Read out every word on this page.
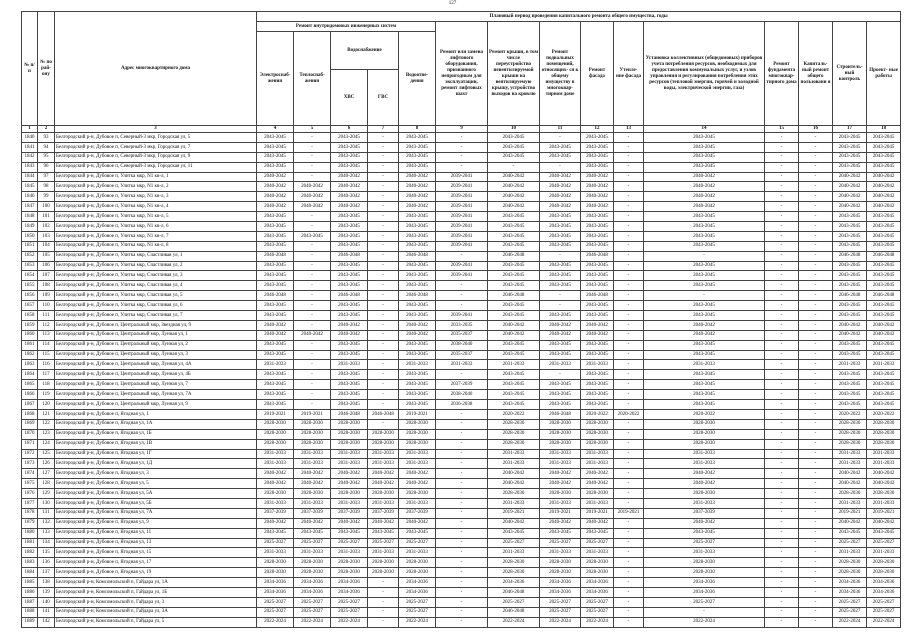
127
№ п/п	№ по рай- ону	Адрес многоквартирного дома	Плановый период проведения капитального ремонта общего имущества, годы														
			Ремонт внутридомовых инженерных систем					Ремонт или замена лифтового оборудования, признанного непригодным для эксплуатации, ремонт лифтовых шахт	Ремонт крыши, в том числе переустройство невентилируемой крыши на вентилируемую крышу, устройство выходов на кровлю	Ремонт подвальных помещений, относящих- ся к общему имуществу в многоквар- тирном доме	Ремонт фасада	Утепле- ние фасада	Установка коллективных (общедомовых) приборов учета потребления ресурсов, необходимых для предоставления коммунальных услуг, и узлов управления и регулирования потребления этих ресурсов (тепловой энергии, горячей и холодной воды, электрической энергии, газа)	Ремонт фундамента многоквар- тирного дома	Капиталь- ный ремонт общего пользовани я	Строитель- ный контроль	Проект- ные работы
			Электроснаб- жения	Теплоснаб- жения	Водоснабжение		Водоотве- дения										
					ХВС	ГВС											
1	2	3	4	5	6	7	8	9	10	11	12	13	14	15	16	17	18
1840	93	Белгородский р-н, Дубовое п, Северный-3 мкр, Городская ул, 5	2043-2045	-	2043-2045	-	2043-2045	-	2043-2045	-	2043-2045	-	2043-2045	-	-	2043-2045	2043-2045
1841	94	Белгородский р-н, Дубовое п, Северный-3 мкр, Городская ул, 7	2043-2045	-	2043-2045	-	2043-2045	-	2043-2045	2043-2045	2043-2045	-	2043-2045	-	-	2043-2045	2043-2045
1842	95	Белгородский р-н, Дубовое п, Северный-3 мкр, Городская ул, 9	2043-2045	-	2043-2045	-	2043-2045	-	2043-2045	2043-2045	2043-2045	-	2043-2045	-	-	2043-2045	2043-2045
1843	96	Белгородский р-н, Дубовое п, Северный-3 мкр, Городская ул, 11	2043-2045	-	2043-2045	-	2043-2045	-	-	-	2043-2045	-	2043-2045	-	-	2043-2045	2043-2045
1844	97	Белгородский р-н, Дубовое п, Улитка мкр, N1 кв-л, 1	2040-2042	-	2040-2042	-	2040-2042	2039-2041	2040-2042	2040-2042	2040-2042	-	2040-2042	-	-	2040-2042	2040-2042
1845	98	Белгородский р-н, Дубовое п, Улитка мкр, N1 кв-л, 2	2040-2042	2040-2042	2040-2042	-	2040-2042	2039-2041	2040-2042	2040-2042	2040-2042	-	2040-2042	-	-	2040-2042	2040-2042
1846	99	Белгородский р-н, Дубовое п, Улитка мкр, N1 кв-л, 3	2040-2042	2040-2042	2040-2042	-	2040-2042	2039-2041	2040-2042	2040-2042	2040-2042	-	2040-2042	-	-	2040-2042	2040-2042
1847	100	Белгородский р-н, Дубовое п, Улитка мкр, N1 кв-л, 4	2040-2042	2040-2042	2040-2042	-	2040-2042	2039-2041	2040-2042	2040-2042	2040-2042	-	2040-2042	-	-	2040-2042	2040-2042
1848	101	Белгородский р-н, Дубовое п, Улитка мкр, N1 кв-л, 5	2043-2045	-	2043-2045	-	2043-2045	2039-2041	2043-2045	2043-2045	2043-2045	-	2043-2045	-	-	2043-2045	2043-2045
1849	102	Белгородский р-н, Дубовое п, Улитка мкр, N1 кв-л, 6	2043-2045	-	2043-2045	-	2043-2045	2039-2041	2043-2045	2043-2045	2043-2045	-	2043-2045	-	-	2043-2045	2043-2045
1850	103	Белгородский р-н, Дубовое п, Улитка мкр, N1 кв-л, 7	2043-2045	2043-2045	2043-2045	-	2043-2045	2039-2041	2043-2045	2043-2045	2043-2045	-	2043-2045	-	-	2043-2045	2043-2045
1851	104	Белгородский р-н, Дубовое п, Улитка мкр, N1 кв-л, 8	2043-2045	-	2043-2045	-	2043-2045	2039-2041	2043-2045	2043-2045	2043-2045	-	2043-2045	-	-	2043-2045	2043-2045
1852	105	Белгородский р-н, Дубовое п, Улитка мкр, Счастливая ул, 1	2046-2048	-	2046-2048	-	2046-2048	-	2046-2048	-	2046-2048	-	-	-	-	2046-2048	2046-2048
1853	106	Белгородский р-н, Дубовое п, Улитка мкр, Счастливая ул, 2	2043-2045	-	2043-2045	-	2043-2045	2039-2041	2043-2045	2043-2045	2043-2045	-	2043-2045	-	-	2043-2045	2043-2045
1854	107	Белгородский р-н, Дубовое п, Улитка мкр, Счастливая ул, 3	2043-2045	-	2043-2045	-	2043-2045	2039-2041	2043-2045	2043-2045	2043-2045	-	2043-2045	-	-	2043-2045	2043-2045
1855	108	Белгородский р-н, Дубовое п, Улитка мкр, Счастливая ул, 4	2043-2045	-	2043-2045	-	2043-2045	-	2043-2045	2043-2045	2043-2045	-	2043-2045	-	-	2043-2045	2043-2045
1856	109	Белгородский р-н, Дубовое п, Улитка мкр, Счастливая ул, 5	2046-2048	-	2046-2048	-	2046-2048	-	2046-2048	-	2046-2048	-	-	-	-	2046-2048	2046-2048
1857	110	Белгородский р-н, Дубовое п, Улитка мкр, Счастливая ул, 6	2043-2045	-	2043-2045	-	2043-2045	-	2043-2045	-	2043-2045	-	2043-2045	-	-	2043-2045	2043-2045
1858	111	Белгородский р-н, Дубовое п, Улитка мкр, Счастливая ул, 7	2043-2045	-	2043-2045	-	2043-2045	2039-2041	2043-2045	2043-2045	2043-2045	-	2043-2045	-	-	2043-2045	2043-2045
1859	112	Белгородский р-н, Дубовое п, Центральный мкр, Звездная ул, 9	2040-2042	-	2040-2042	-	2040-2042	2033-2035	2040-2042	2040-2042	2040-2042	-	2040-2042	-	-	2040-2042	2040-2042
1860	113	Белгородский р-н, Дубовое п, Центральный мкр, Лунная ул, 1	2040-2042	2040-2042	2040-2042	-	2040-2042	2035-2037	2040-2042	2040-2042	2040-2042	-	2040-2042	-	-	2040-2042	2040-2042
1861	114	Белгородский р-н, Дубовое п, Центральный мкр, Лунная ул, 2	2043-2045	-	2043-2045	-	2043-2045	2038-2040	2043-2045	2043-2045	2043-2045	-	2043-2045	-	-	2043-2045	2043-2045
1862	115	Белгородский р-н, Дубовое п, Центральный мкр, Лунная ул, 3	2043-2045	-	2043-2045	-	2043-2045	2035-2037	2043-2045	2043-2045	2043-2045	-	2043-2045	-	-	2043-2045	2043-2045
1863	116	Белгородский р-н, Дубовое п, Центральный мкр, Лунная ул, 4А	2031-2033	-	2031-2033	-	2031-2033	2031-2033	2031-2033	2031-2033	2031-2033	-	2031-2033	-	-	2031-2033	2031-2033
1864	117	Белгородский р-н, Дубовое п, Центральный мкр, Лунная ул, 4Б	2043-2045	-	2043-2045	-	2043-2045	-	2043-2045	-	2043-2045	-	2043-2045	-	-	2043-2045	2043-2045
1865	118	Белгородский р-н, Дубовое п, Центральный мкр, Лунная ул, 7	2043-2045	-	2043-2045	-	2043-2045	2037-2039	2043-2045	2043-2045	2043-2045	-	2043-2045	-	-	2043-2045	2043-2045
1866	119	Белгородский р-н, Дубовое п, Центральный мкр, Лунная ул, 7А	2043-2045	-	2043-2045	-	2043-2045	2038-2040	2043-2045	2043-2045	2043-2045	-	2043-2045	-	-	2043-2045	2043-2045
1867	120	Белгородский р-н, Дубовое п, Центральный мкр, Лунная ул, 9	2043-2045	-	2043-2045	-	2043-2045	2036-2038	2043-2045	2043-2045	2043-2045	-	2043-2045	-	-	2043-2045	2043-2045
1868	121	Белгородский р-н, Дубовое п, Ягодная ул, 1	2019-2021	2019-2021	2046-2048	2046-2048	2019-2021	-	2020-2022	2046-2048	2020-2022	2020-2022	2020-2022	-	-	2020-2022	2020-2022
1869	122	Белгородский р-н, Дубовое п, Ягодная ул, 1А	2028-2030	2028-2030	2028-2030	-	2028-2030	-	2028-2030	2028-2030	2028-2030	-	2028-2030	-	-	2028-2030	2028-2030
1870	123	Белгородский р-н, Дубовое п, Ягодная ул, 1Б	2028-2030	2028-2030	2028-2030	2028-2030	2028-2030	-	2028-2030	2028-2030	2028-2030	-	2028-2030	-	-	2028-2030	2028-2030
1871	124	Белгородский р-н, Дубовое п, Ягодная ул, 1В	2028-2030	2028-2030	2028-2030	2028-2030	2028-2030	-	2028-2030	2028-2030	2028-2030	-	2028-2030	-	-	2028-2030	2028-2030
1872	125	Белгородский р-н, Дубовое п, Ягодная ул, 1Г	2031-2033	2031-2033	2031-2033	2031-2033	2031-2033	-	2031-2033	2031-2033	2031-2033	-	2031-2033	-	-	2031-2033	2031-2033
1873	126	Белгородский р-н, Дубовое п, Ягодная ул, 1Д	2031-2033	2031-2033	2031-2033	2031-2033	2031-2033	-	2031-2033	2031-2033	2031-2033	-	2031-2033	-	-	2031-2033	2031-2033
1874	127	Белгородский р-н, Дубовое п, Ягодная ул, 3	2040-2042	2040-2042	2040-2042	2040-2042	2040-2042	-	2040-2042	2040-2042	2040-2042	-	2040-2042	-	-	2040-2042	2040-2042
1875	128	Белгородский р-н, Дубовое п, Ягодная ул, 5	2040-2042	2040-2042	2040-2042	2040-2042	2040-2042	-	2040-2042	2040-2042	2040-2042	-	2040-2042	-	-	2040-2042	2040-2042
1876	129	Белгородский р-н, Дубовое п, Ягодная ул, 5А	2028-2030	2028-2030	2028-2030	2028-2030	2028-2030	-	2028-2030	2028-2030	2028-2030	-	2028-2030	-	-	2028-2030	2028-2030
1877	130	Белгородский р-н, Дубовое п, Ягодная ул, 5Б	2031-2033	2031-2033	2031-2033	2031-2033	2031-2033	-	2031-2033	2031-2033	2031-2033	-	2031-2033	-	-	2031-2033	2031-2033
1878	131	Белгородский р-н, Дубовое п, Ягодная ул, 7А	2037-2039	2037-2039	2037-2039	2037-2039	2037-2039	-	2019-2021	2019-2021	2019-2021	2019-2021	2037-2039	-	-	2019-2021	2019-2021
1879	132	Белгородский р-н, Дубовое п, Ягодная ул, 9	2040-2042	2040-2042	2040-2042	2040-2042	2040-2042	-	2040-2042	2040-2042	2040-2042	-	2040-2042	-	-	2040-2042	2040-2042
1880	133	Белгородский р-н, Дубовое п, Ягодная ул, 11	2043-2045	2043-2045	2043-2045	2043-2045	2043-2045	-	2043-2045	2043-2045	2043-2045	-	2043-2045	-	-	2043-2045	2043-2045
1881	134	Белгородский р-н, Дубовое п, Ягодная ул, 13	2025-2027	2025-2027	2025-2027	2025-2027	2025-2027	-	2025-2027	2025-2027	2025-2027	-	2025-2027	-	-	2025-2027	2025-2027
1882	135	Белгородский р-н, Дубовое п, Ягодная ул, 15	2031-2033	2031-2033	2031-2033	2031-2033	2031-2033	-	2031-2033	2031-2033	2031-2033	-	2031-2033	-	-	2031-2033	2031-2033
1883	136	Белгородский р-н, Дубовое п, Ягодная ул, 17	2028-2030	2028-2030	2028-2030	2028-2030	2028-2030	-	2028-2030	2028-2030	2028-2030	-	2028-2030	-	-	2028-2030	2028-2030
1884	137	Белгородский р-н, Дубовое п, Ягодная ул, 19	2028-2030	2028-2030	2028-2030	2028-2030	2028-2030	-	2028-2030	2028-2030	2028-2030	-	2028-2030	-	-	2028-2030	2028-2030
1885	138	Белгородский р-н, Комсомольский п, Гайдара ул, 1А	2034-2036	2034-2036	2034-2036	-	2034-2036	-	2034-2036	2034-2036	2034-2036	-	2034-2036	-	-	2034-2036	2034-2036
1886	139	Белгородский р-н, Комсомольский п, Гайдара ул, 1Б	2034-2036	2034-2036	2034-2036	-	2034-2036	-	2046-2048	2034-2036	2034-2036	-	2034-2036	-	-	2034-2036	2034-2036
1887	140	Белгородский р-н, Комсомольский п, Гайдара ул, 3	2025-2027	2025-2027	2025-2027	-	2025-2027	-	2025-2027	2025-2027	2025-2027	-	2025-2027	-	-	2025-2027	2025-2027
1888	141	Белгородский р-н, Комсомольский п, Гайдара ул, 3А	2025-2027	2025-2027	2025-2027	-	2025-2027	-	2046-2048	2025-2027	2025-2027	-	-	-	-	2025-2027	2025-2027
1889	142	Белгородский р-н, Комсомольский п, Гайдара ул, 5	2022-2024	2022-2024	2022-2024	-	2022-2024	-	2022-2024	2022-2024	2022-2024	-	2022-2024	-	-	2022-2024	2022-2024
